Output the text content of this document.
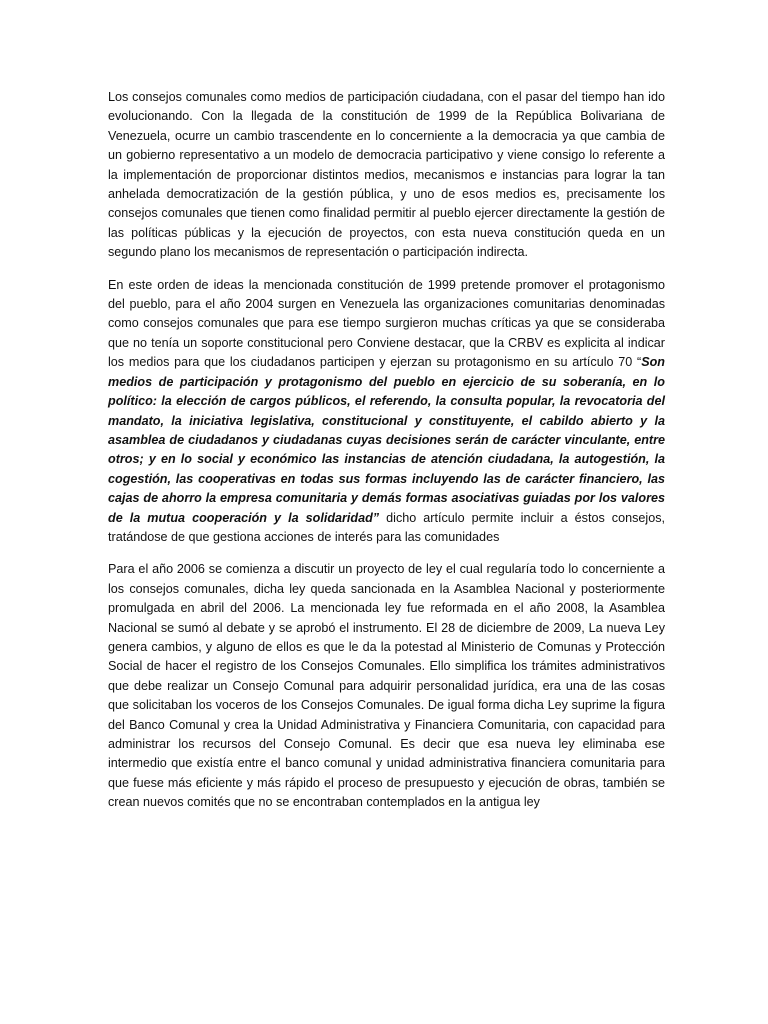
Los consejos comunales como medios de participación ciudadana, con el pasar del tiempo han ido evolucionando. Con la llegada de la constitución de 1999 de la República Bolivariana de Venezuela, ocurre un cambio trascendente en lo concerniente a la democracia ya que cambia de un gobierno representativo a un modelo de democracia participativo y viene consigo lo referente a la implementación de proporcionar distintos medios, mecanismos e instancias para lograr la tan anhelada democratización de la gestión pública, y uno de esos medios es, precisamente los consejos comunales que tienen como finalidad permitir al pueblo ejercer directamente la gestión de las políticas públicas y la ejecución de proyectos, con esta nueva constitución queda en un segundo plano los mecanismos de representación o participación indirecta.

En este orden de ideas la mencionada constitución de 1999 pretende promover el protagonismo del pueblo, para el año 2004 surgen en Venezuela las organizaciones comunitarias denominadas como consejos comunales que para ese tiempo surgieron muchas críticas ya que se consideraba que no tenía un soporte constitucional pero Conviene destacar, que la CRBV es explicita al indicar los medios para que los ciudadanos participen y ejerzan su protagonismo en su artículo 70 “Son medios de participación y protagonismo del pueblo en ejercicio de su soberanía, en lo político: la elección de cargos públicos, el referendo, la consulta popular, la revocatoria del mandato, la iniciativa legislativa, constitucional y constituyente, el cabildo abierto y la asamblea de ciudadanos y ciudadanas cuyas decisiones serán de carácter vinculante, entre otros; y en lo social y económico las instancias de atención ciudadana, la autogestión, la cogestión, las cooperativas en todas sus formas incluyendo las de carácter financiero, las cajas de ahorro la empresa comunitaria y demás formas asociativas guiadas por los valores de la mutua cooperación y la solidaridad” dicho artículo permite incluir a éstos consejos, tratándose de que gestiona acciones de interés para las comunidades

Para el año 2006 se comienza a discutir un proyecto de ley el cual regularía todo lo concerniente a los consejos comunales, dicha ley queda sancionada en la Asamblea Nacional y posteriormente promulgada en abril del 2006. La mencionada ley fue reformada en el año 2008, la Asamblea Nacional se sumó al debate y se aprobó el instrumento. El 28 de diciembre de 2009, La nueva Ley genera cambios, y alguno de ellos es que le da la potestad al Ministerio de Comunas y Protección Social de hacer el registro de los Consejos Comunales. Ello simplifica los trámites administrativos que debe realizar un Consejo Comunal para adquirir personalidad jurídica, era una de las cosas que solicitaban los voceros de los Consejos Comunales. De igual forma dicha Ley suprime la figura del Banco Comunal y crea la Unidad Administrativa y Financiera Comunitaria, con capacidad para administrar los recursos del Consejo Comunal. Es decir que esa nueva ley eliminaba ese intermedio que existía entre el banco comunal y unidad administrativa financiera comunitaria para que fuese más eficiente y más rápido el proceso de presupuesto y ejecución de obras, también se crean nuevos comités que no se encontraban contemplados en la antigua ley
